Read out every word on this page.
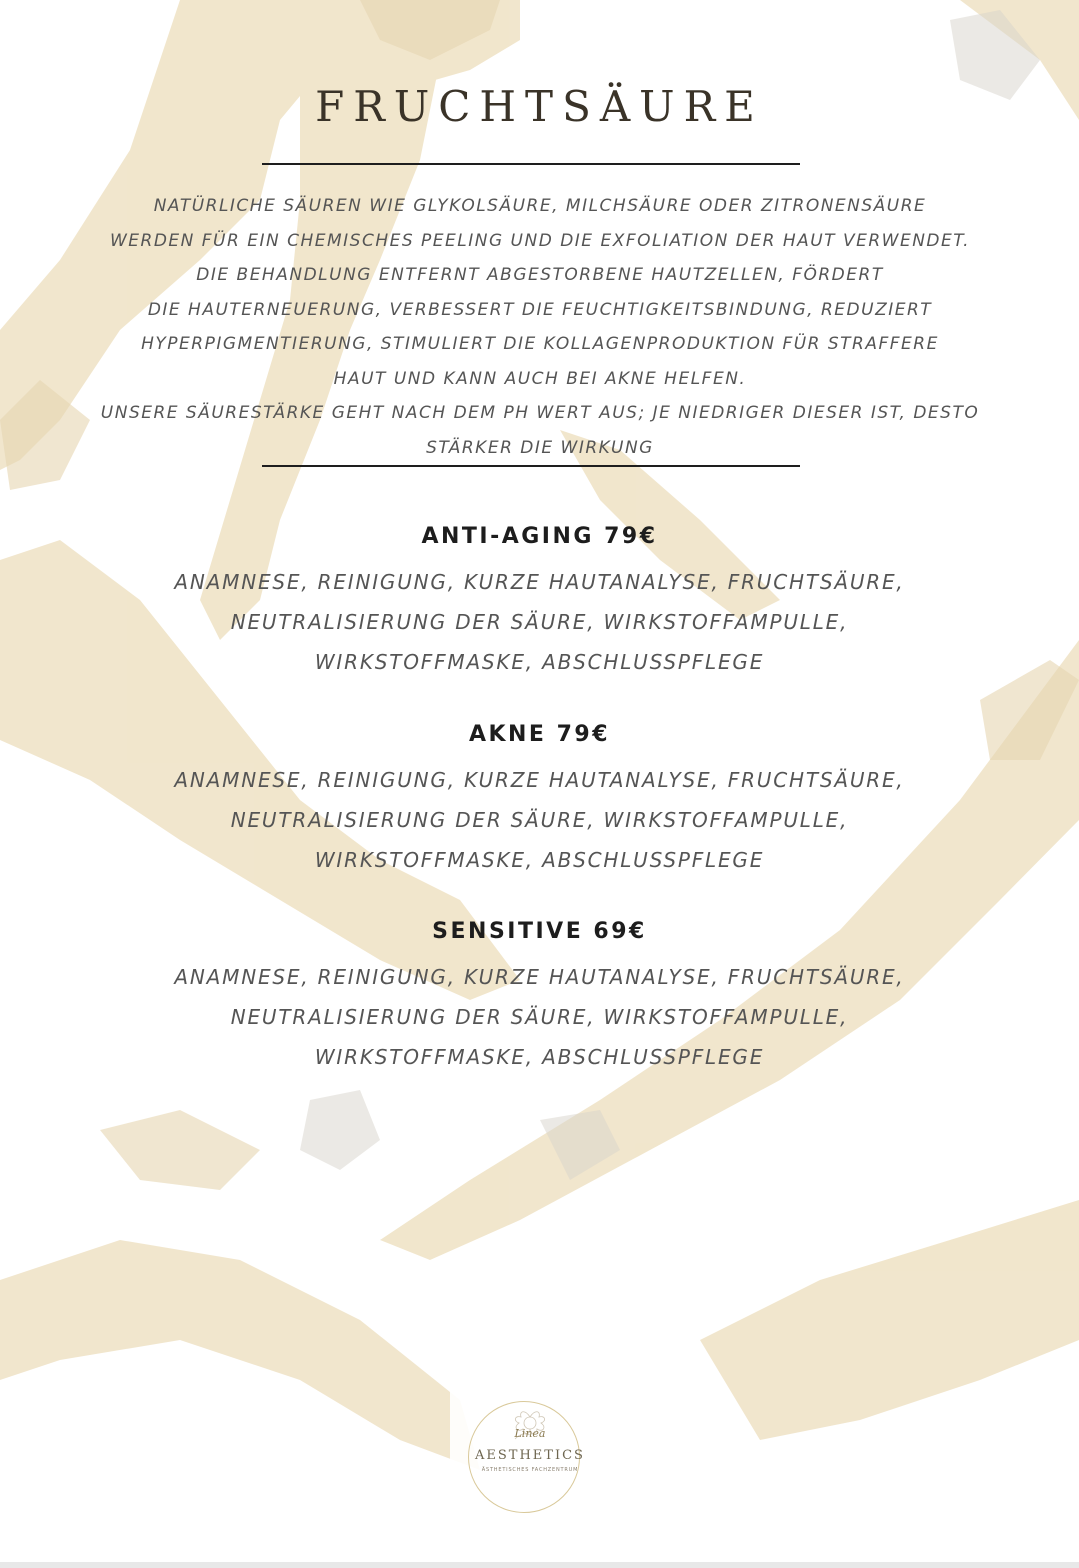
FRUCHTSÄURE
NATÜRLICHE SÄUREN WIE GLYKOLSÄURE, MILCHSÄURE ODER ZITRONENSÄURE
WERDEN FÜR EIN CHEMISCHES PEELING UND DIE EXFOLIATION DER HAUT VERWENDET.
DIE BEHANDLUNG ENTFERNT ABGESTORBENE HAUTZELLEN, FÖRDERT
DIE HAUTERNEUERUNG, VERBESSERT DIE FEUCHTIGKEITSBINDUNG, REDUZIERT
HYPERPIGMENTIERUNG, STIMULIERT DIE KOLLAGENPRODUKTION FÜR STRAFFERE
HAUT UND KANN AUCH BEI AKNE HELFEN.
UNSERE SÄURESTÄRKE GEHT NACH DEM PH WERT AUS; JE NIEDRIGER DIESER IST, DESTO
STÄRKER DIE WIRKUNG
ANTI-AGING 79€
ANAMNESE, REINIGUNG, KURZE HAUTANALYSE, FRUCHTSÄURE,
NEUTRALISIERUNG DER SÄURE, WIRKSTOFFAMPULLE,
WIRKSTOFFMASKE, ABSCHLUSSPFLEGE
AKNE 79€
ANAMNESE, REINIGUNG, KURZE HAUTANALYSE, FRUCHTSÄURE,
NEUTRALISIERUNG DER SÄURE, WIRKSTOFFAMPULLE,
WIRKSTOFFMASKE, ABSCHLUSSPFLEGE
SENSITIVE 69€
ANAMNESE, REINIGUNG, KURZE HAUTANALYSE, FRUCHTSÄURE,
NEUTRALISIERUNG DER SÄURE, WIRKSTOFFAMPULLE,
WIRKSTOFFMASKE, ABSCHLUSSPFLEGE
Linea
AESTHETICS
ÄSTHETISCHES FACHZENTRUM
